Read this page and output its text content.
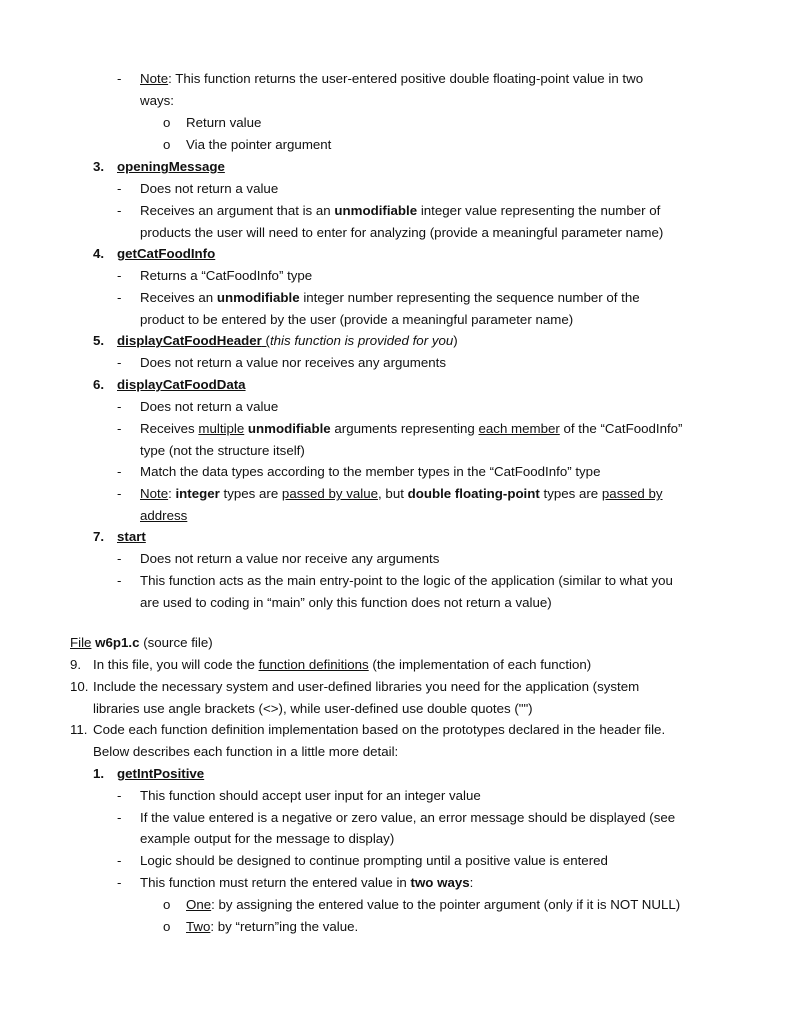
- Note: This function returns the user-entered positive double floating-point value in two
ways:
o Return value
o Via the pointer argument
3. openingMessage
- Does not return a value
- Receives an argument that is an unmodifiable integer value representing the number of
products the user will need to enter for analyzing (provide a meaningful parameter name)
4. getCatFoodInfo
- Returns a “CatFoodInfo” type
- Receives an unmodifiable integer number representing the sequence number of the
product to be entered by the user (provide a meaningful parameter name)
5. displayCatFoodHeader (this function is provided for you)
- Does not return a value nor receives any arguments
6. displayCatFoodData
- Does not return a value
- Receives multiple unmodifiable arguments representing each member of the “CatFoodInfo”
type (not the structure itself)
- Match the data types according to the member types in the “CatFoodInfo” type
- Note: integer types are passed by value, but double floating-point types are passed by
address
7. start
- Does not return a value nor receive any arguments
- This function acts as the main entry-point to the logic of the application (similar to what you
are used to coding in “main” only this function does not return a value)
File w6p1.c (source file)
9. In this file, you will code the function definitions (the implementation of each function)
10. Include the necessary system and user-defined libraries you need for the application (system
libraries use angle brackets (<>), while user-defined use double quotes ("")
11. Code each function definition implementation based on the prototypes declared in the header file.
Below describes each function in a little more detail:
1. getIntPositive
- This function should accept user input for an integer value
- If the value entered is a negative or zero value, an error message should be displayed (see
example output for the message to display)
- Logic should be designed to continue prompting until a positive value is entered
- This function must return the entered value in two ways:
o One: by assigning the entered value to the pointer argument (only if it is NOT NULL)
o Two: by “return”ing the value.
